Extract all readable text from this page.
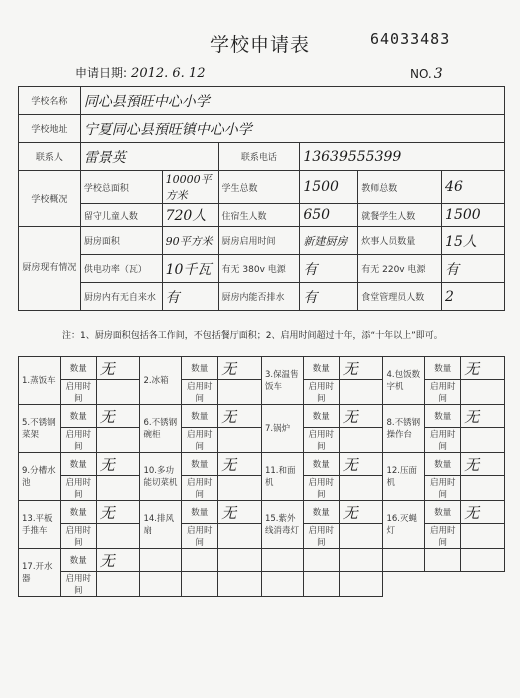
学校申请表	64033483
申请日期: 2012. 6. 12	NO. 3
学校名称	同心县預旺中心小学					
学校地址	宁夏同心县預旺镇中心小学					
联系人	雷景英		联系电话	13639555399		
学校概况	学校总面积	10000平方米	学生总数	1500	教师总数	46
	留守儿童人数	720人	住宿生人数	650	就餐学生人数	1500
厨房现有情况	厨房面积	90平方米	厨房启用时间	新建厨房	炊事人员数量	15人
	供电功率（瓦）	10千瓦	有无 380v 电源	有	有无 220v 电源	有
	厨房内有无自来水	有	厨房内能否排水	有	食堂管理员人数	2
注：1、厨房面积包括各工作间，不包括餐厅面积；2、启用时间超过十年，添“十年以上”即可。
1.蒸饭车	数量	无	2.冰箱	数量	无	3.保温售饭车	数量	无	4.包饭数字机	数量	无
	启用时间			启用时间			启用时间			启用时间	
5.不锈钢菜架	数量	无	6.不锈钢碗柜	数量	无	7.锅炉	数量	无	8.不锈钢操作台	数量	无
	启用时间			启用时间			启用时间			启用时间	
9.分槽水池	数量	无	10.多功能切菜机	数量	无	11.和面机	数量	无	12.压面机	数量	无
	启用时间			启用时间			启用时间			启用时间	
13.平板手推车	数量	无	14.排风扇	数量	无	15.紫外线消毒灯	数量	无	16.灭蝇灯	数量	无
	启用时间			启用时间			启用时间			启用时间	
17.开水器	数量	无									
	启用时间										
